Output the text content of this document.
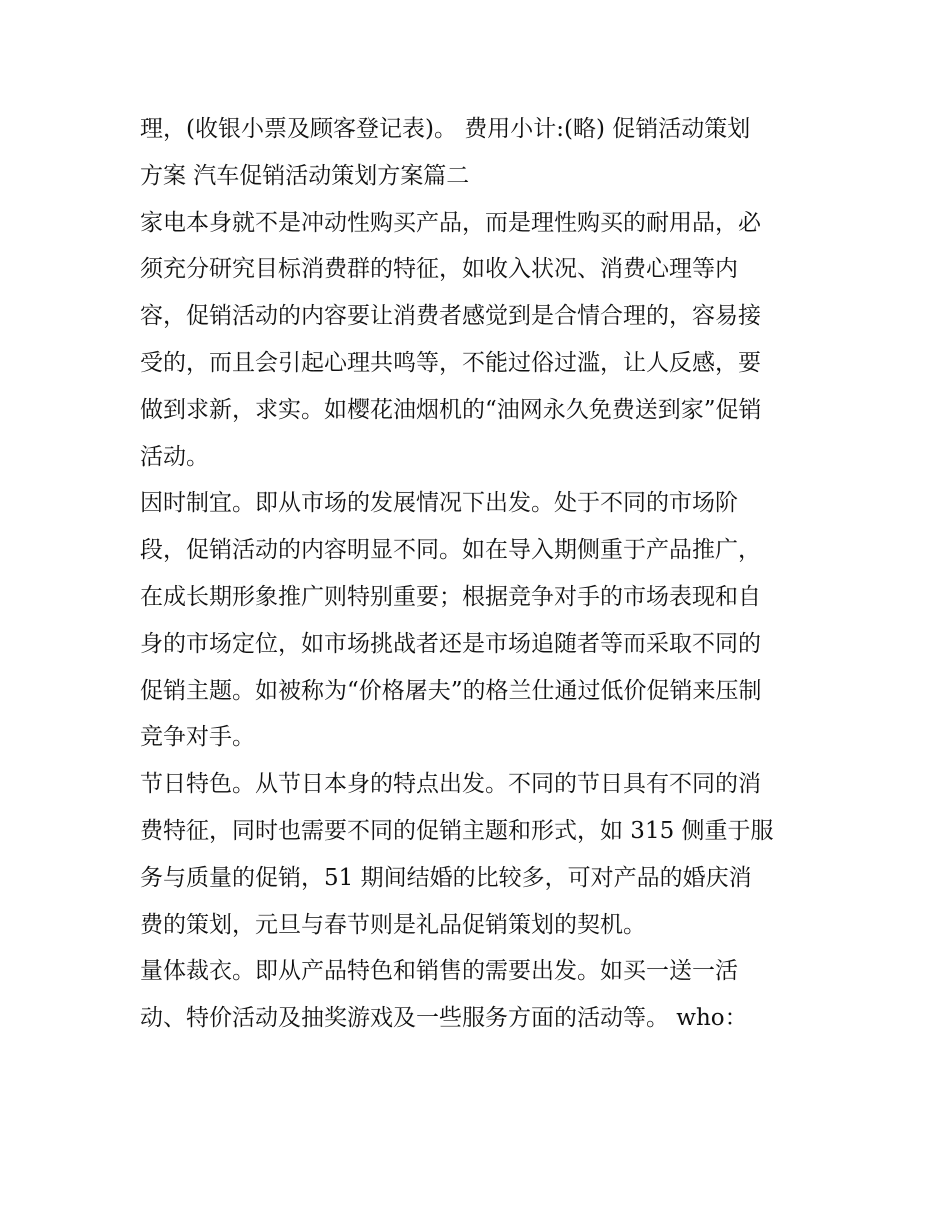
理，(收银小票及顾客登记表)。 费用小计:(略) 促销活动策划
方案 汽车促销活动策划方案篇二

家电本身就不是冲动性购买产品，而是理性购买的耐用品，必
须充分研究目标消费群的特征，如收入状况、消费心理等内
容，促销活动的内容要让消费者感觉到是合情合理的，容易接
受的，而且会引起心理共鸣等，不能过俗过滥，让人反感，要
做到求新，求实。如樱花油烟机的“油网永久免费送到家”促销
活动。

因时制宜。即从市场的发展情况下出发。处于不同的市场阶
段，促销活动的内容明显不同。如在导入期侧重于产品推广，
在成长期形象推广则特别重要；根据竞争对手的市场表现和自
身的市场定位，如市场挑战者还是市场追随者等而采取不同的
促销主题。如被称为“价格屠夫”的格兰仕通过低价促销来压制
竞争对手。

节日特色。从节日本身的特点出发。不同的节日具有不同的消
费特征，同时也需要不同的促销主题和形式，如 315 侧重于服
务与质量的促销，51 期间结婚的比较多，可对产品的婚庆消
费的策划，元旦与春节则是礼品促销策划的契机。

量体裁衣。即从产品特色和销售的需要出发。如买一送一活
动、特价活动及抽奖游戏及一些服务方面的活动等。 who：
